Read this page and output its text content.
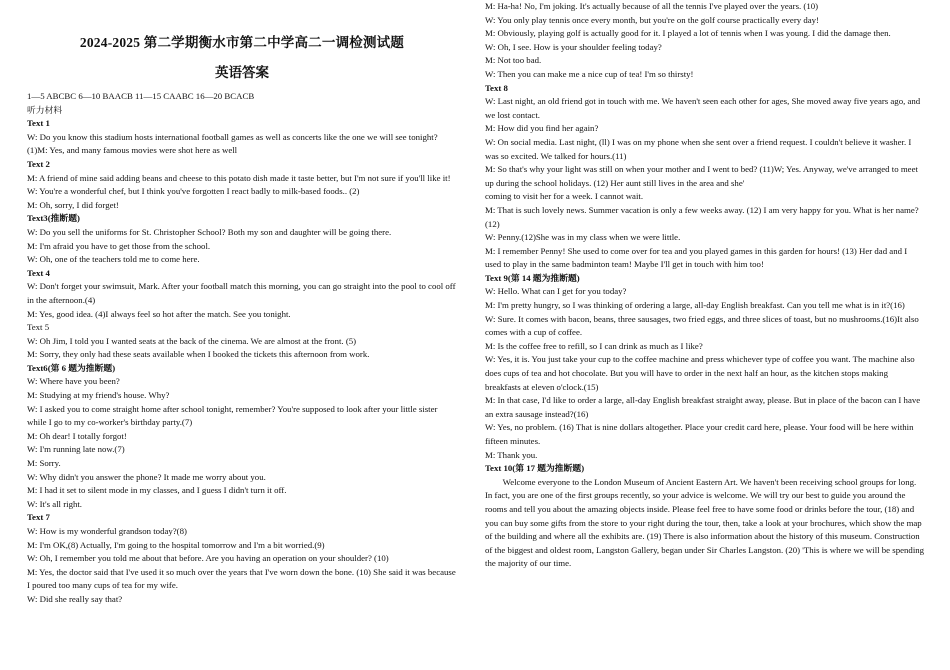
2024-2025 第二学期衡水市第二中学高二一调检测试题
英语答案

1—5 ABCBC 6—10 BAACB 11—15 CAABC 16—20 BCACB

听力材料

Text 1

W: Do you know this stadium hosts international football games as well as concerts like the one we will see tonight?

(1)M: Yes, and many famous movies were shot here as well

Text 2

M: A friend of mine said adding beans and cheese to this potato dish made it taste better, but I'm not sure if you'll like it!

W: You're a wonderful chef, but I think you've forgotten I react badly to milk-based foods.. (2)

M: Oh, sorry, I did forget!

Text3(推断题)

W: Do you sell the uniforms for St. Christopher School? Both my son and daughter will be going there.

M: I'm afraid you have to get those from the school.

W: Oh, one of the teachers told me to come here.

Text 4

W: Don't forget your swimsuit, Mark. After your football match this morning, you can go straight into the pool to cool off in the afternoon.(4)

M: Yes, good idea. (4)I always feel so hot after the match. See you tonight.

Text 5

W: Oh Jim, I told you I wanted seats at the back of the cinema. We are almost at the front. (5)

M: Sorry, they only had these seats available when I booked the tickets this afternoon from work.

Text6(第 6 题为推断题)

W: Where have you been?

M: Studying at my friend's house. Why?

W: I asked you to come straight home after school tonight, remember? You're supposed to look after your little sister while I go to my co-worker's birthday party.(7)

M: Oh dear! I totally forgot!

W: I'm running late now.(7)

M: Sorry.

W: Why didn't you answer the phone? It made me worry about you.

M: I had it set to silent mode in my classes, and I guess I didn't turn it off.

W: It's all right.

Text 7

W: How is my wonderful grandson today?(8)

M: I'm OK,(8) Actually, I'm going to the hospital tomorrow and I'm a bit worried.(9)

W: Oh, I remember you told me about that before. Are you having an operation on your shoulder? (10)

M: Yes, the doctor said that I've used it so much over the years that I've worn down the bone. (10) She said it was because I poured too many cups of tea for my wife.

W: Did she really say that?

M: Ha-ha! No, I'm joking. It's actually because of all the tennis I've played over the years. (10)

W: You only play tennis once every month, but you're on the golf course practically every day!

M: Obviously, playing golf is actually good for it. I played a lot of tennis when I was young. I did the damage then.

W: Oh, I see. How is your shoulder feeling today?

M: Not too bad.

W: Then you can make me a nice cup of tea! I'm so thirsty!

Text 8

W: Last night, an old friend got in touch with me. We haven't seen each other for ages, She moved away five years ago, and we lost contact.

M: How did you find her again?

W: On social media. Last night, (ll) I was on my phone when she sent over a friend request. I couldn't believe it washer. I was so excited. We talked for hours.(11)

M: So that's why your light was still on when your mother and I went to bed? (11)W; Yes. Anyway, we've arranged to meet up during the school holidays. (12) Her aunt still lives in the area and she'

coming to visit her for a week. I cannot wait.

M: That is such lovely news. Summer vacation is only a few weeks away. (12) I am very happy for you. What is her name?(12)

W: Penny.(12)She was in my class when we were little.

M: I remember Penny! She used to come over for tea and you played games in this garden for hours! (13) Her dad and I used to play in the same badminton team! Maybe I'll get in touch with him too!

Text 9(第 14 题为推断题)

W: Hello. What can I get for you today?

M: I'm pretty hungry, so I was thinking of ordering a large, all-day English breakfast. Can you tell me what is in it?(16)

W: Sure. It comes with bacon, beans, three sausages, two fried eggs, and three slices of toast, but no mushrooms.(16)It also comes with a cup of coffee.

M: Is the coffee free to refill, so I can drink as much as I like?

W: Yes, it is. You just take your cup to the coffee machine and press whichever type of coffee you want. The machine also does cups of tea and hot chocolate. But you will have to order in the next half an hour, as the kitchen stops making breakfasts at eleven o'clock.(15)

M: In that case, I'd like to order a large, all-day English breakfast straight away, please. But in place of the bacon can I have an extra sausage instead?(16)

W: Yes, no problem. (16) That is nine dollars altogether. Place your credit card here, please. Your food will be here within fifteen minutes.

M: Thank you.

Text 10(第 17 题为推断题)

Welcome everyone to the London Museum of Ancient Eastern Art. We haven't been receiving school groups for long. In fact, you are one of the first groups recently, so your advice is welcome. We will try our best to guide you around the rooms and tell you about the amazing objects inside. Please feel free to have some food or drinks before the tour, (18) and you can buy some gifts from the store to your right during the tour, then, take a look at your brochures, which show the map of the building and where all the exhibits are. (19) There is also information about the history of this museum. Construction of the biggest and oldest room, Langston Gallery, began under Sir Charles Langston. (20) 'This is where we will be spending the majority of our time.
